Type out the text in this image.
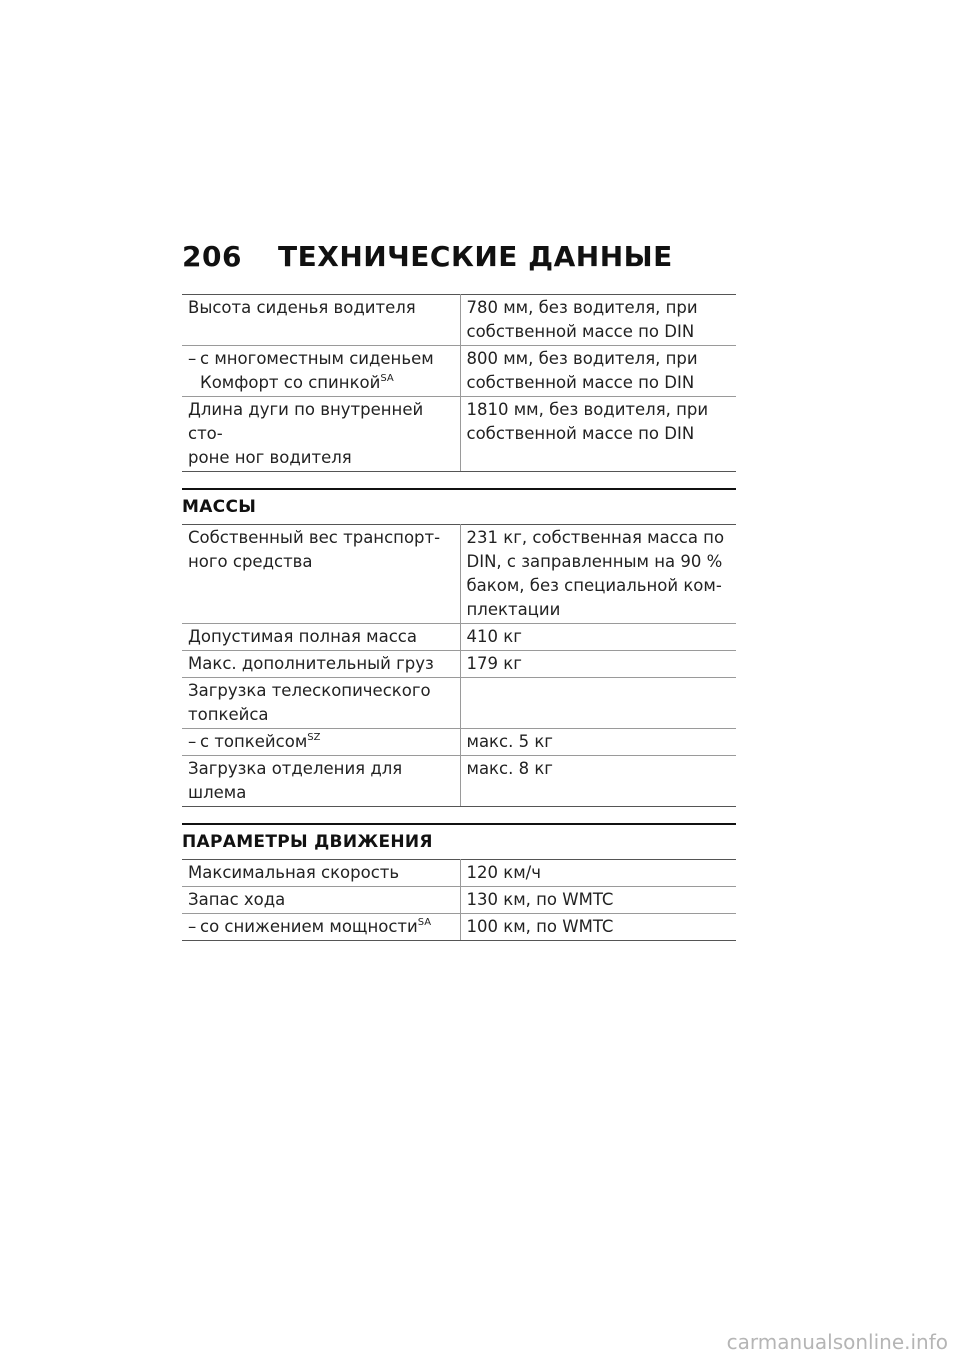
206 ТЕХНИЧЕСКИЕ ДАННЫЕ
Высота сиденья водителя	780 мм, без водителя, при
собственной массе по DIN
– с многоместным сиденьем
Комфорт со спинкой$^{SA}$	800 мм, без водителя, при
собственной массе по DIN
Длина дуги по внутренней сто-
роне ног водителя	1810 мм, без водителя, при
собственной массе по DIN
МАССЫ
Собственный вес транспорт-
ного средства	231 кг, собственная масса по
DIN, с заправленным на 90 %
баком, без специальной ком-
плектации
Допустимая полная масса	410 кг
Макс. дополнительный груз	179 кг
Загрузка телескопического
топкейса	
– с топкейсом$^{SZ}$	макс. 5 кг
Загрузка отделения для шлема	макс. 8 кг
ПАРАМЕТРЫ ДВИЖЕНИЯ
Максимальная скорость	120 км/ч
Запас хода	130 км, по WMTC
– со снижением мощности$^{SA}$	100 км, по WMTC
carmanualsonline.info
